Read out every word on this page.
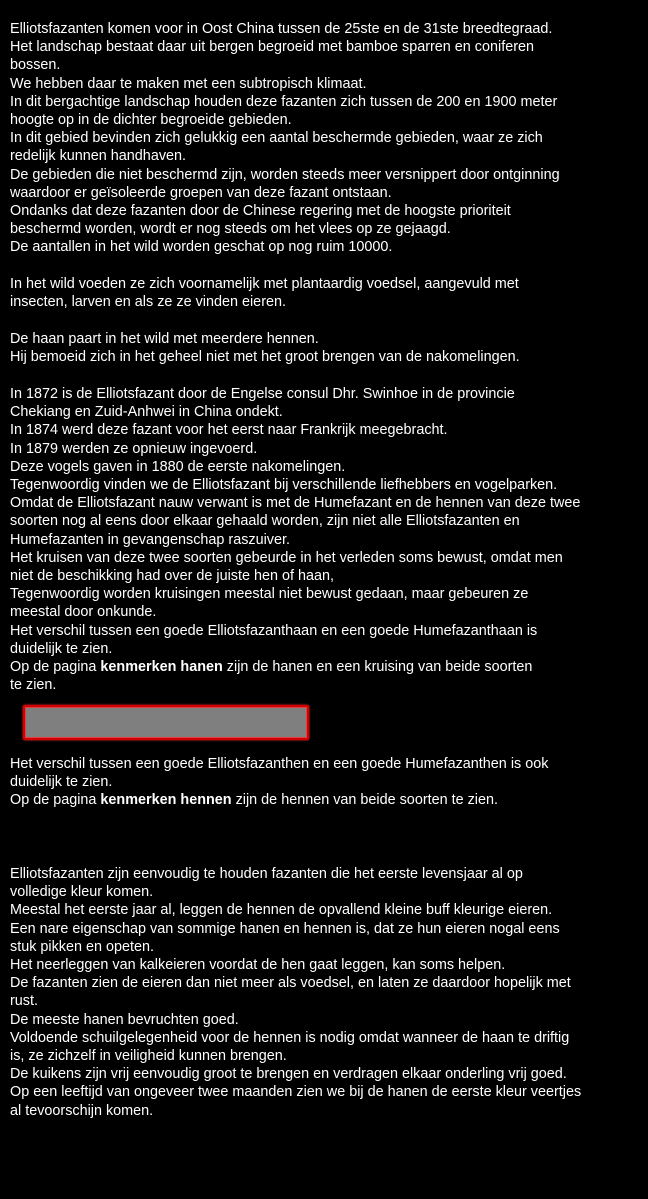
Elliotsfazanten komen voor in Oost China tussen de 25ste en de 31ste breedtegraad.
Het landschap bestaat daar uit bergen begroeid met bamboe sparren en coniferen
bossen.
We hebben daar te maken met een subtropisch klimaat.
In dit bergachtige landschap houden deze fazanten zich tussen de 200 en 1900 meter
hoogte op in de dichter begroeide gebieden.
In dit gebied bevinden zich gelukkig een aantal beschermde gebieden, waar ze zich
redelijk kunnen handhaven.
De gebieden die niet beschermd zijn, worden steeds meer versnippert door ontginning
waardoor er geïsoleerde groepen van deze fazant ontstaan.
Ondanks dat deze fazanten door de Chinese regering met de hoogste prioriteit
beschermd worden, wordt er nog steeds om het vlees op ze gejaagd.
De aantallen in het wild worden geschat op nog ruim 10000.
In het wild voeden ze zich voornamelijk met plantaardig voedsel, aangevuld met
insecten, larven en als ze ze vinden eieren.
De haan paart in het wild met meerdere hennen.
Hij bemoeid zich in het geheel niet met het groot brengen van de nakomelingen.
In 1872 is de Elliotsfazant door de Engelse consul Dhr. Swinhoe in de provincie
Chekiang en Zuid-Anhwei in China ondekt.
In 1874 werd deze fazant voor het eerst naar Frankrijk meegebracht.
In 1879 werden ze opnieuw ingevoerd.
Deze vogels gaven in 1880 de eerste nakomelingen.
Tegenwoordig vinden we de Elliotsfazant bij verschillende liefhebbers en vogelparken.
Omdat de Elliotsfazant nauw verwant is met de Humefazant en de hennen van deze twee
soorten nog al eens door elkaar gehaald worden, zijn niet alle Elliotsfazanten en
Humefazanten in gevangenschap raszuiver.
Het kruisen van deze twee soorten gebeurde in het verleden soms bewust, omdat men
niet de beschikking had over de juiste hen of haan,
Tegenwoordig worden kruisingen meestal niet bewust gedaan, maar gebeuren ze
meestal door onkunde.
Het verschil tussen een goede Elliotsfazanthaan en een goede Humefazanthaan is
duidelijk te zien.
Op de pagina kenmerken hanen zijn de hanen en een kruising van beide soorten
te zien.
Het verschil tussen een goede Elliotsfazanthen en een goede Humefazanthen is ook
duidelijk te zien.
Op de pagina kenmerken hennen zijn de hennen van beide soorten te zien.
Elliotsfazanten zijn eenvoudig te houden fazanten die het eerste levensjaar al op
volledige kleur komen.
Meestal het eerste jaar al, leggen de hennen de opvallend kleine buff kleurige eieren.
Een nare eigenschap van sommige hanen en hennen is, dat ze hun eieren nogal eens
stuk pikken en opeten.
Het neerleggen van kalkeieren voordat de hen gaat leggen, kan soms helpen.
De fazanten zien de eieren dan niet meer als voedsel, en laten ze daardoor hopelijk met
rust.
De meeste hanen bevruchten goed.
Voldoende schuilgelegenheid voor de hennen is nodig omdat wanneer de haan te driftig
is, ze zichzelf in veiligheid kunnen brengen.
De kuikens zijn vrij eenvoudig groot te brengen en verdragen elkaar onderling vrij goed.
Op een leeftijd van ongeveer twee maanden zien we bij de hanen de eerste kleur veertjes
al tevoorschijn komen.
